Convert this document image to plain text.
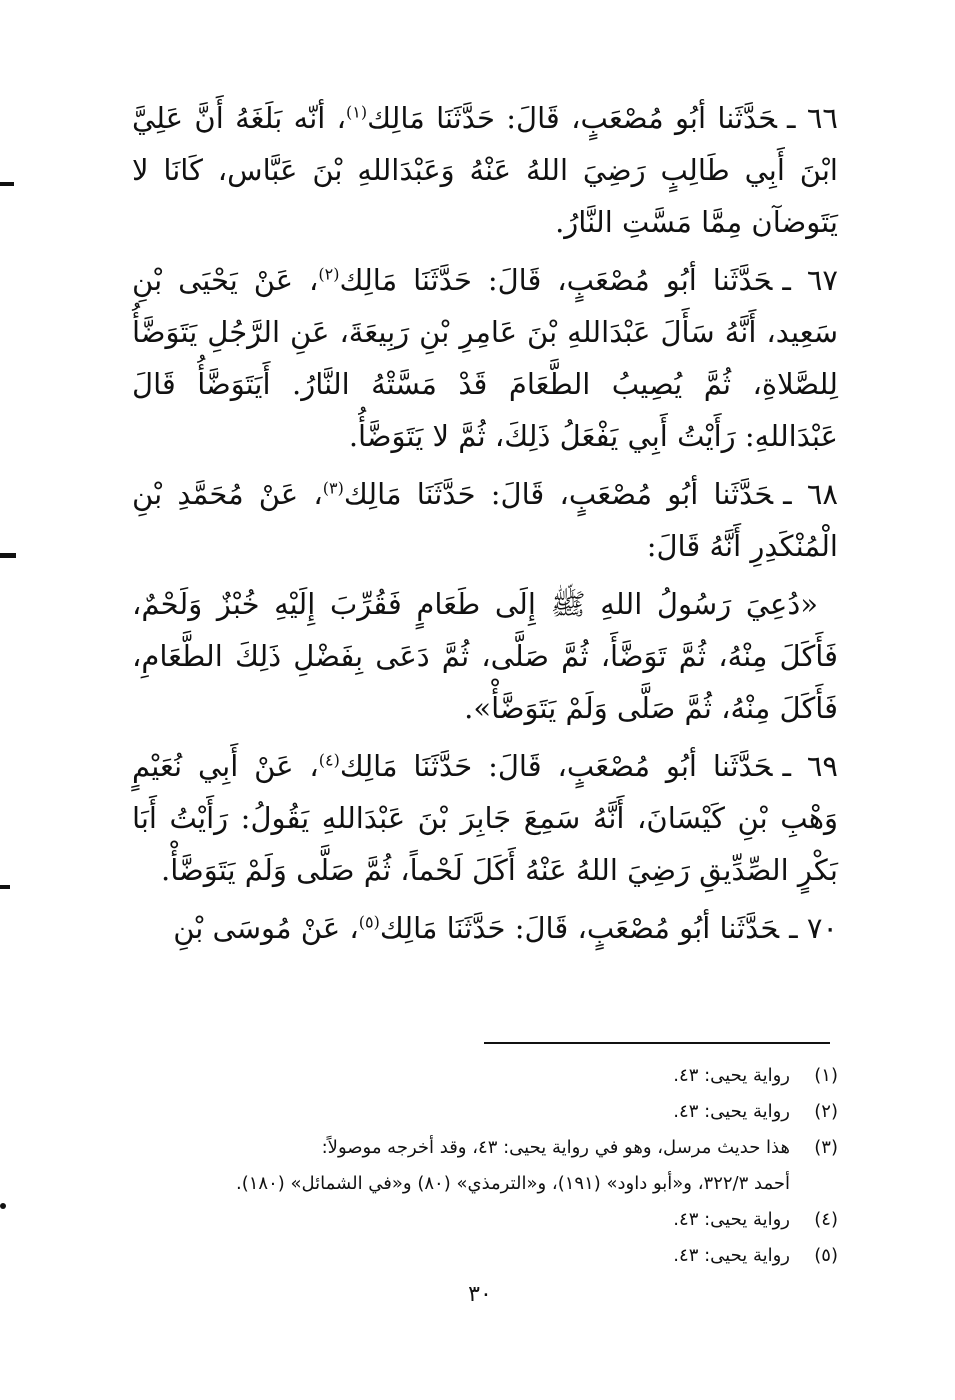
٦٦ ـحَدَّثَنا أبُو مُصْعَبٍ، قَالَ: حَدَّثَنَا مَالِك$^{(١)}$، أنّه بَلَغَهُ أَنَّ عَلِيَّ ابْنَ أَبِي طَالِبٍ رَضِيَ اللهُ عَنْهُ وَعَبْدَاللهِ بْنَ عَبَّاس، كَانَا لا يَتَوضآن مِمَّا مَسَّتِ النَّارُ.

٦٧ ـحَدَّثَنا أبُو مُصْعَبٍ، قَالَ: حَدَّثَنَا مَالِك$^{(٢)}$، عَنْ يَحْيَى بْنِ سَعِيد، أَنَّهُ سَأَلَ عَبْدَاللهِ بْنَ عَامِرِ بْنِ رَبِيعَةَ، عَنِ الرَّجُلِ يَتَوَضَّأُ لِلصَّلاةِ، ثُمَّ يُصِيبُ الطَّعَامَ قَدْ مَسَّتْهُ النَّارُ. أَيَتَوَضَّأُ قَالَ عَبْدَاللهِ: رَأَيْتُ أَبِي يَفْعَلُ ذَلِكَ، ثُمَّ لا يَتَوَضَّأُ.

٦٨ ـحَدَّثَنا أبُو مُصْعَبٍ، قَالَ: حَدَّثَنَا مَالِك$^{(٣)}$، عَنْ مُحَمَّدِ بْنِ الْمُنْكَدِرِ أَنَّهُ قَالَ:

«دُعِيَ رَسُولُ اللهِ ﷺ إِلَى طَعَامٍ فَقُرِّبَ إِلَيْهِ خُبْزٌ وَلَحْمٌ، فَأَكَلَ مِنْهُ، ثُمَّ تَوَضَّأَ، ثُمَّ صَلَّى، ثُمَّ دَعَى بِفَضْلِ ذَلِكَ الطَّعَامِ، فَأَكَلَ مِنْهُ، ثُمَّ صَلَّى وَلَمْ يَتَوَضَّأْ».

٦٩ ـحَدَّثَنا أبُو مُصْعَبٍ، قَالَ: حَدَّثَنَا مَالِك$^{(٤)}$، عَنْ أَبِي نُعَيْمٍ وَهْبِ بْنِ كَيْسَانَ، أَنَّهُ سَمِعَ جَابِرَ بْنَ عَبْدَاللهِ يَقُولُ: رَأَيْتُ أَبَا بَكْرٍ الصِّدِّيقِ رَضِيَ اللهُ عَنْهُ أَكَلَ لَحْماً، ثُمَّ صَلَّى وَلَمْ يَتَوَضَّأْ.

٧٠ ـحَدَّثَنا أبُو مُصْعَبٍ، قَالَ: حَدَّثَنَا مَالِك$^{(٥)}$، عَنْ مُوسَى بْنِ

(١)
رواية يحيى: ٤٣.
(٢)
رواية يحيى: ٤٣.
(٣)
هذا حديث مرسل، وهو في رواية يحيى: ٤٣، وقد أخرجه موصولاً:
أحمد ٣٢٢/٣، و«أبو داود» (١٩١)، و«الترمذي» (٨٠) و«في الشمائل» (١٨٠).
(٤)
رواية يحيى: ٤٣.
(٥)
رواية يحيى: ٤٣.
٣٠
